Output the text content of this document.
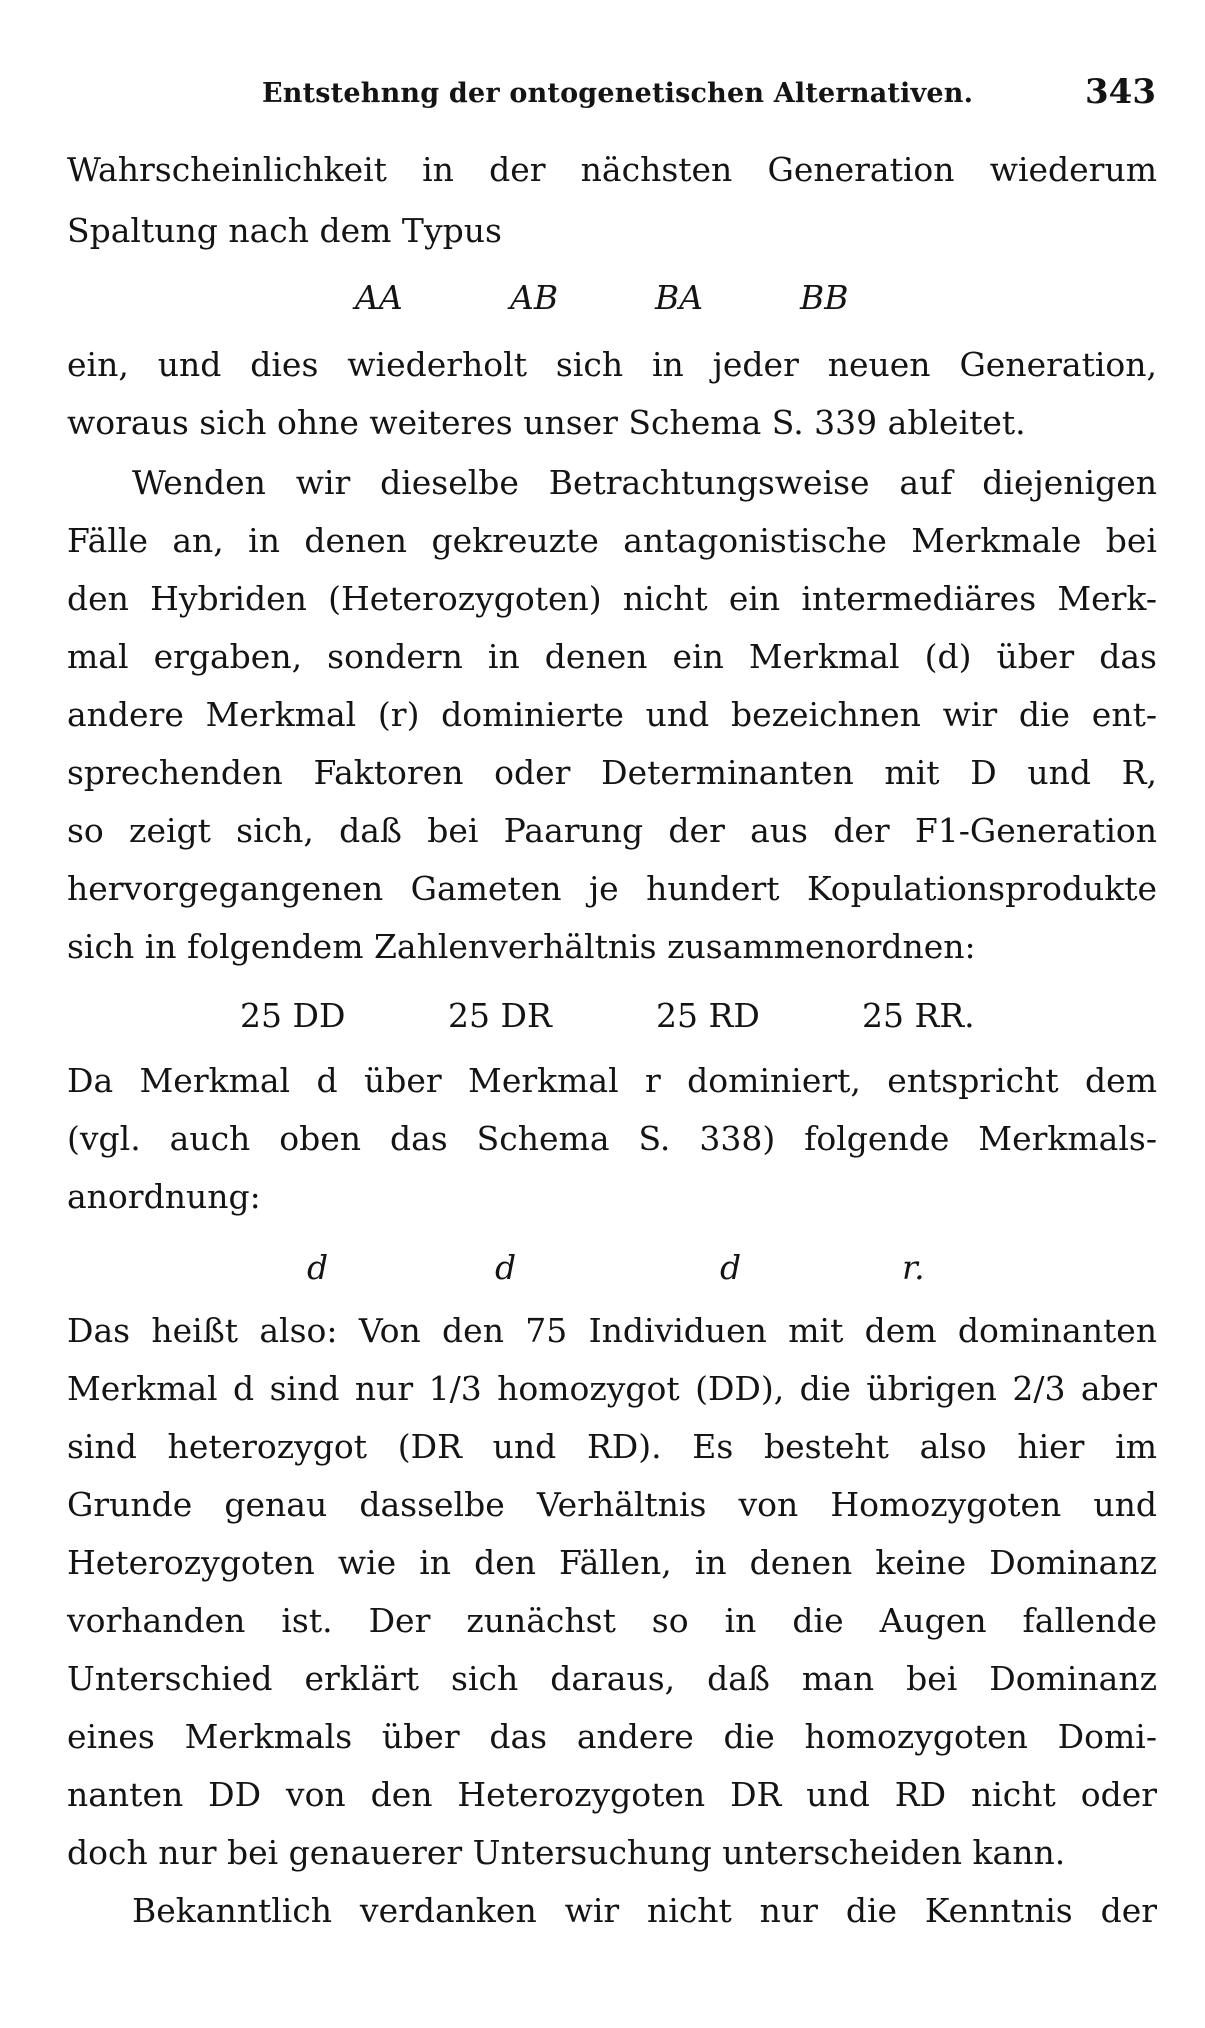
Entstehnng der ontogenetischen Alternativen.	343
Wahrscheinlichkeit in der nächsten Generation wiederum
Spaltung nach dem Typus
AA	AB	BA	BB
ein, und dies wiederholt sich in jeder neuen Generation,
woraus sich ohne weiteres unser Schema S. 339 ableitet.
Wenden wir dieselbe Betrachtungsweise auf diejenigen
Fälle an, in denen gekreuzte antagonistische Merkmale bei
den Hybriden (Heterozygoten) nicht ein intermediäres Merk-
mal ergaben, sondern in denen ein Merkmal (d) über das
andere Merkmal (r) dominierte und bezeichnen wir die ent-
sprechenden Faktoren oder Determinanten mit D und R,
so zeigt sich, daß bei Paarung der aus der F1-Generation
hervorgegangenen Gameten je hundert Kopulationsprodukte
sich in folgendem Zahlenverhältnis zusammenordnen:
25 DD	25 DR	25 RD	25 RR.
Da Merkmal d über Merkmal r dominiert, entspricht dem
(vgl. auch oben das Schema S. 338) folgende Merkmals-
anordnung:
d	d	d	r.
Das heißt also: Von den 75 Individuen mit dem dominanten
Merkmal d sind nur 1/3 homozygot (DD), die übrigen 2/3 aber
sind heterozygot (DR und RD). Es besteht also hier im
Grunde genau dasselbe Verhältnis von Homozygoten und
Heterozygoten wie in den Fällen, in denen keine Dominanz
vorhanden ist. Der zunächst so in die Augen fallende
Unterschied erklärt sich daraus, daß man bei Dominanz
eines Merkmals über das andere die homozygoten Domi-
nanten DD von den Heterozygoten DR und RD nicht oder
doch nur bei genauerer Untersuchung unterscheiden kann.
Bekanntlich verdanken wir nicht nur die Kenntnis der
